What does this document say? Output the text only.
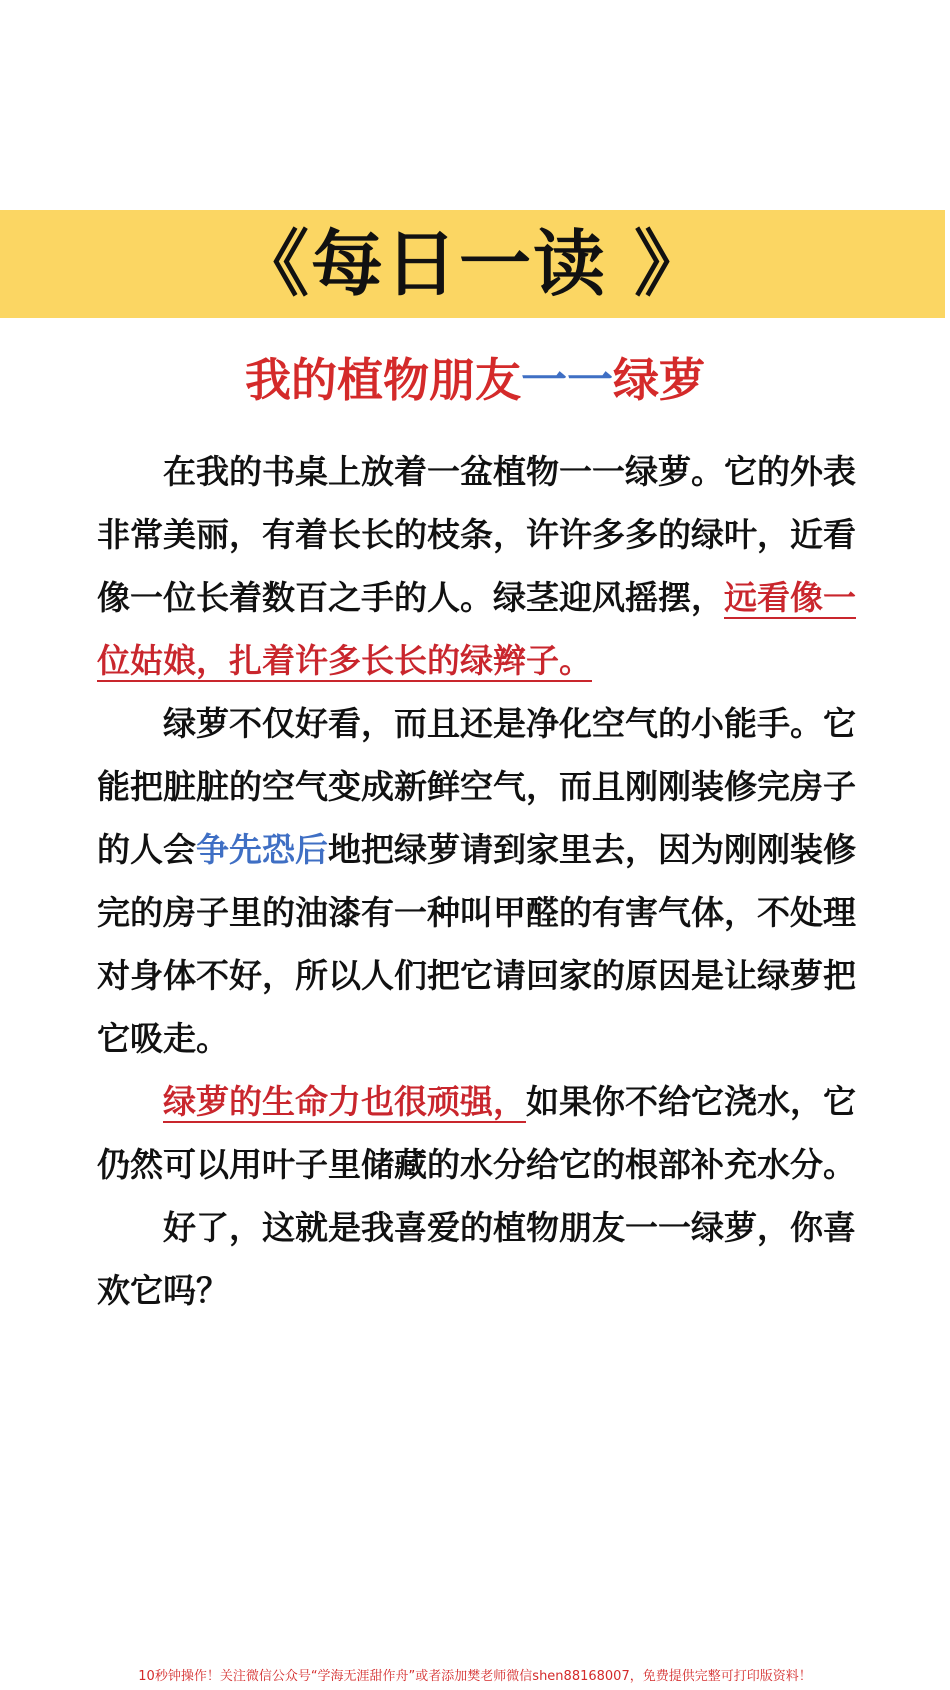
《每日一读 》
我的植物朋友一一绿萝

在我的书桌上放着一盆植物一一绿萝。它的外表非常美丽，有着长长的枝条，许许多多的绿叶，近看像一位长着数百之手的人。绿茎迎风摇摆，远看像一位姑娘，扎着许多长长的绿辫子。

绿萝不仅好看，而且还是净化空气的小能手。它能把脏脏的空气变成新鲜空气，而且刚刚装修完房子的人会争先恐后地把绿萝请到家里去，因为刚刚装修完的房子里的油漆有一种叫甲醛的有害气体，不处理对身体不好，所以人们把它请回家的原因是让绿萝把它吸走。

绿萝的生命力也很顽强，如果你不给它浇水，它仍然可以用叶子里储藏的水分给它的根部补充水分。

好了，这就是我喜爱的植物朋友一一绿萝，你喜欢它吗？

10秒钟操作！关注微信公众号“学海无涯甜作舟”或者添加樊老师微信shen88168007，免费提供完整可打印版资料！
